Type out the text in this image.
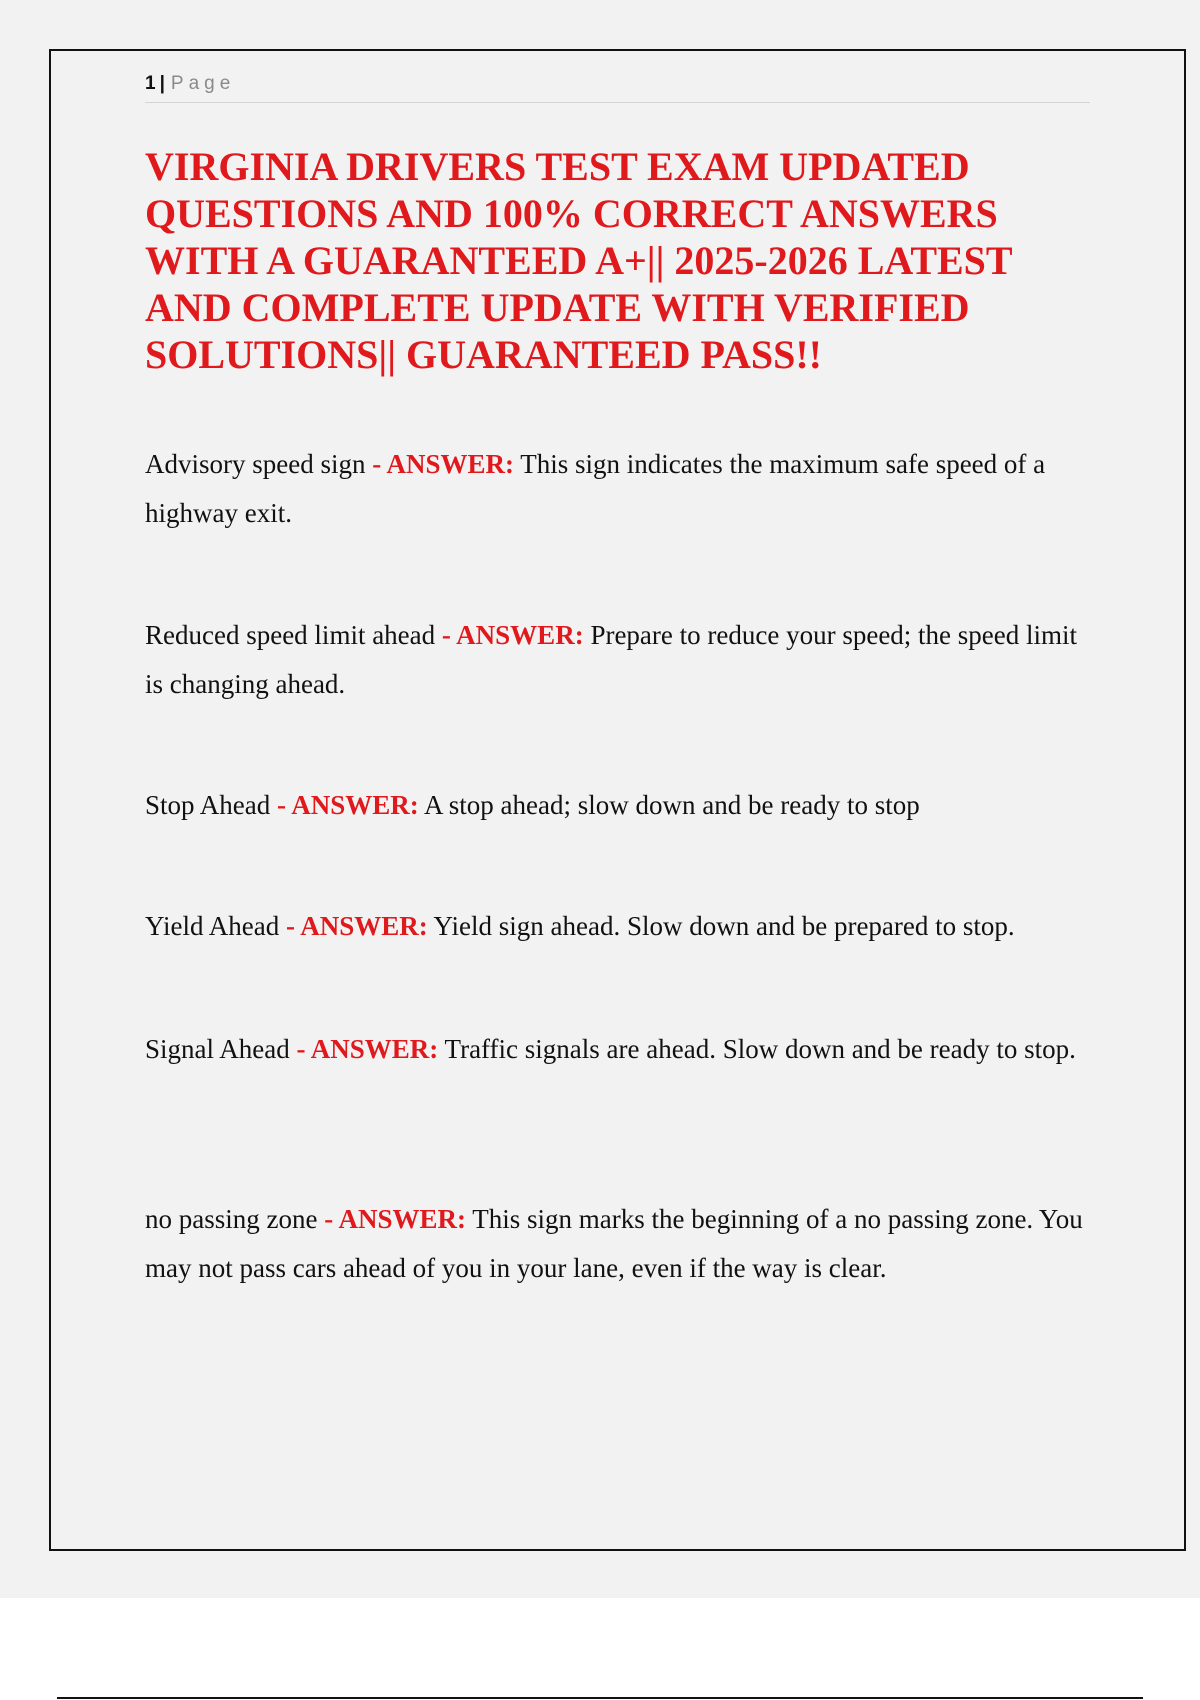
1 | Page
VIRGINIA DRIVERS TEST EXAM UPDATED QUESTIONS AND 100% CORRECT ANSWERS WITH A GUARANTEED A+|| 2025-2026 LATEST AND COMPLETE UPDATE WITH VERIFIED SOLUTIONS|| GUARANTEED PASS!!

Advisory speed sign - ANSWER: This sign indicates the maximum safe speed of a highway exit.

Reduced speed limit ahead - ANSWER: Prepare to reduce your speed; the speed limit is changing ahead.

Stop Ahead - ANSWER: A stop ahead; slow down and be ready to stop

Yield Ahead - ANSWER: Yield sign ahead. Slow down and be prepared to stop.

Signal Ahead - ANSWER: Traffic signals are ahead. Slow down and be ready to stop.

no passing zone - ANSWER: This sign marks the beginning of a no passing zone. You may not pass cars ahead of you in your lane, even if the way is clear.
